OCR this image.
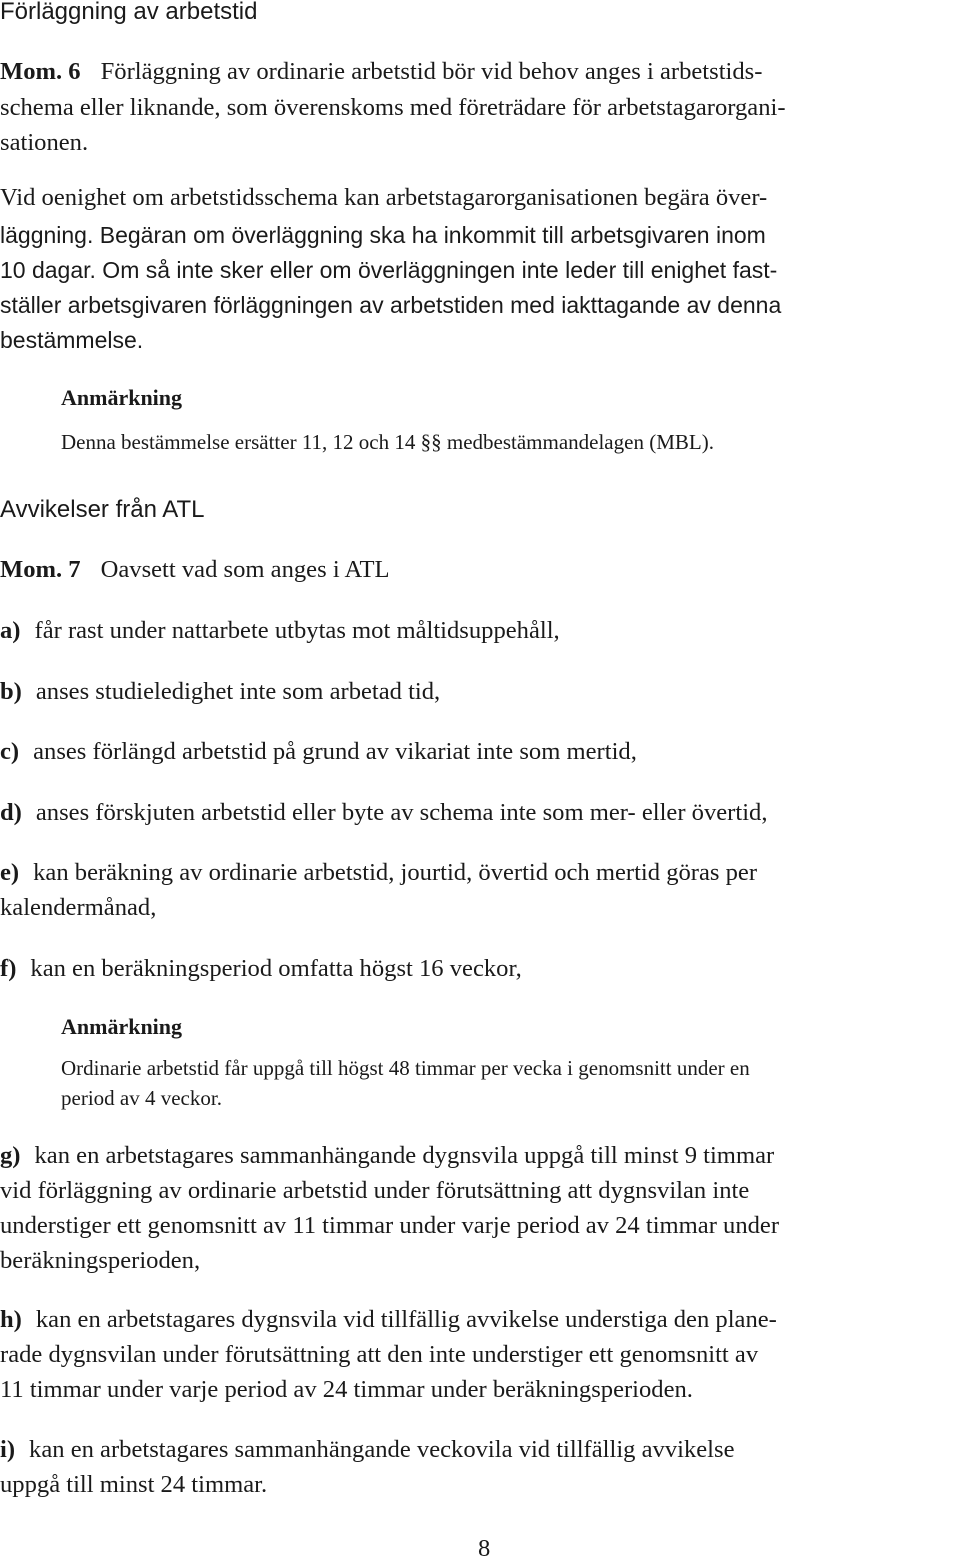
Förläggning av arbetstid
Mom. 6 Förläggning av ordinarie arbetstid bör vid behov anges i arbetstids-
schema eller liknande, som överenskoms med företrädare för arbetstagarorgani-
sationen.
Vid oenighet om arbetstidsschema kan arbetstagarorganisationen begära över-
läggning. Begäran om överläggning ska ha inkommit till arbetsgivaren inom
10 dagar. Om så inte sker eller om överläggningen inte leder till enighet fast-
ställer arbetsgivaren förläggningen av arbetstiden med iakttagande av denna
bestämmelse.
Anmärkning
Denna bestämmelse ersätter 11, 12 och 14 §§ medbestämmandelagen (MBL).
Avvikelser från ATL
Mom. 7 Oavsett vad som anges i ATL
a) får rast under nattarbete utbytas mot måltidsuppehåll,
b) anses studieledighet inte som arbetad tid,
c) anses förlängd arbetstid på grund av vikariat inte som mertid,
d) anses förskjuten arbetstid eller byte av schema inte som mer- eller övertid,
e) kan beräkning av ordinarie arbetstid, jourtid, övertid och mertid göras per
kalendermånad,
f) kan en beräkningsperiod omfatta högst 16 veckor,
Anmärkning
Ordinarie arbetstid får uppgå till högst 48 timmar per vecka i genomsnitt under en
period av 4 veckor.
g) kan en arbetstagares sammanhängande dygnsvila uppgå till minst 9 timmar
vid förläggning av ordinarie arbetstid under förutsättning att dygnsvilan inte
understiger ett genomsnitt av 11 timmar under varje period av 24 timmar under
beräkningsperioden,
h) kan en arbetstagares dygnsvila vid tillfällig avvikelse understiga den plane-
rade dygnsvilan under förutsättning att den inte understiger ett genomsnitt av
11 timmar under varje period av 24 timmar under beräkningsperioden.
i) kan en arbetstagares sammanhängande veckovila vid tillfällig avvikelse
uppgå till minst 24 timmar.
8
